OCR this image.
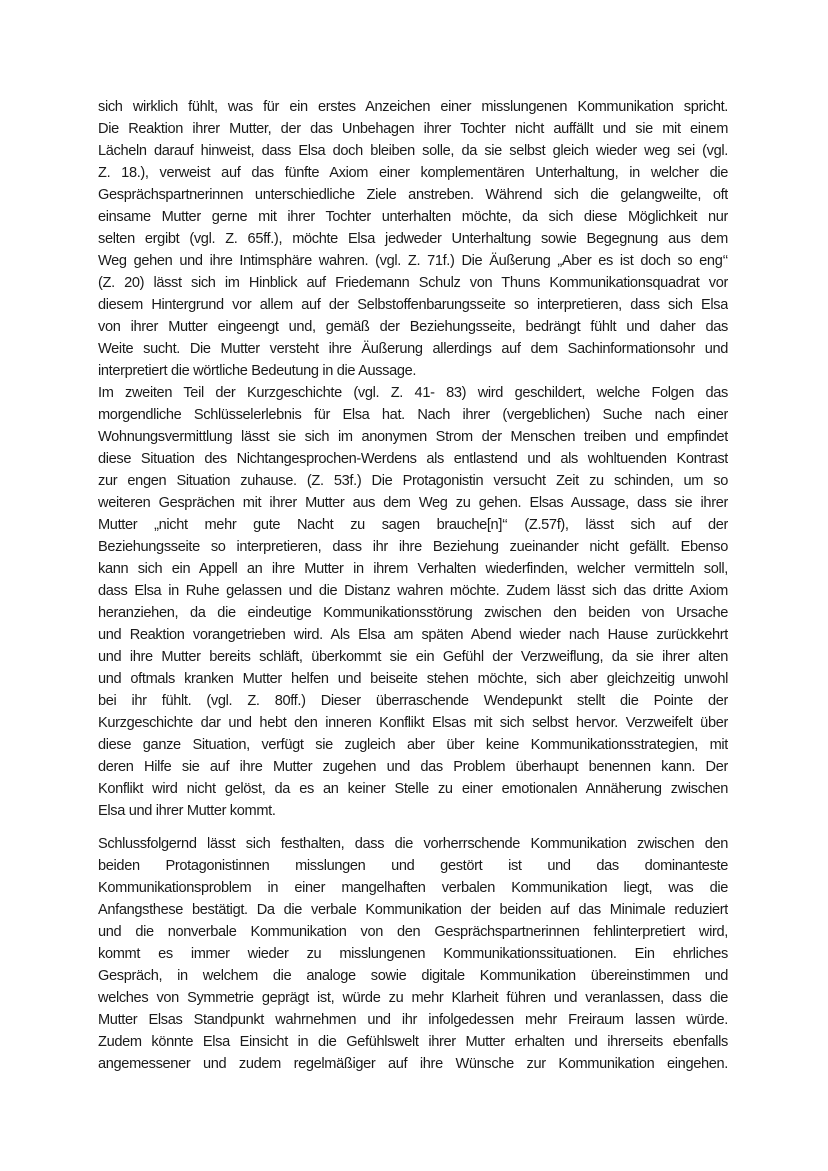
sich wirklich fühlt, was für ein erstes Anzeichen einer misslungenen Kommunikation spricht.
Die Reaktion ihrer Mutter, der das Unbehagen ihrer Tochter nicht auffällt und sie mit einem
Lächeln darauf hinweist, dass Elsa doch bleiben solle, da sie selbst gleich wieder weg sei (vgl.
Z. 18.), verweist auf das fünfte Axiom einer komplementären Unterhaltung, in welcher die
Gesprächspartnerinnen unterschiedliche Ziele anstreben. Während sich die gelangweilte, oft
einsame Mutter gerne mit ihrer Tochter unterhalten möchte, da sich diese Möglichkeit nur
selten ergibt (vgl. Z. 65ff.), möchte Elsa jedweder Unterhaltung sowie Begegnung aus dem
Weg gehen und ihre Intimsphäre wahren. (vgl. Z. 71f.) Die Äußerung „Aber es ist doch so eng‘‘
(Z. 20) lässt sich im Hinblick auf Friedemann Schulz von Thuns Kommunikationsquadrat vor
diesem Hintergrund vor allem auf der Selbstoffenbarungsseite so interpretieren, dass sich Elsa
von ihrer Mutter eingeengt und, gemäß der Beziehungsseite, bedrängt fühlt und daher das
Weite sucht. Die Mutter versteht ihre Äußerung allerdings auf dem Sachinformationsohr und
interpretiert die wörtliche Bedeutung in die Aussage.
Im zweiten Teil der Kurzgeschichte (vgl. Z. 41- 83) wird geschildert, welche Folgen das
morgendliche Schlüsselerlebnis für Elsa hat. Nach ihrer (vergeblichen) Suche nach einer
Wohnungsvermittlung lässt sie sich im anonymen Strom der Menschen treiben und empfindet
diese Situation des Nichtangesprochen-Werdens als entlastend und als wohltuenden Kontrast
zur engen Situation zuhause. (Z. 53f.) Die Protagonistin versucht Zeit zu schinden, um so
weiteren Gesprächen mit ihrer Mutter aus dem Weg zu gehen. Elsas Aussage, dass sie ihrer
Mutter „nicht mehr gute Nacht zu sagen brauche[n]‘‘ (Z.57f), lässt sich auf der
Beziehungsseite so interpretieren, dass ihr ihre Beziehung zueinander nicht gefällt. Ebenso
kann sich ein Appell an ihre Mutter in ihrem Verhalten wiederfinden, welcher vermitteln soll,
dass Elsa in Ruhe gelassen und die Distanz wahren möchte. Zudem lässt sich das dritte Axiom
heranziehen, da die eindeutige Kommunikationsstörung zwischen den beiden von Ursache
und Reaktion vorangetrieben wird. Als Elsa am späten Abend wieder nach Hause zurückkehrt
und ihre Mutter bereits schläft, überkommt sie ein Gefühl der Verzweiflung, da sie ihrer alten
und oftmals kranken Mutter helfen und beiseite stehen möchte, sich aber gleichzeitig unwohl
bei ihr fühlt. (vgl. Z. 80ff.) Dieser überraschende Wendepunkt stellt die Pointe der
Kurzgeschichte dar und hebt den inneren Konflikt Elsas mit sich selbst hervor. Verzweifelt über
diese ganze Situation, verfügt sie zugleich aber über keine Kommunikationsstrategien, mit
deren Hilfe sie auf ihre Mutter zugehen und das Problem überhaupt benennen kann. Der
Konflikt wird nicht gelöst, da es an keiner Stelle zu einer emotionalen Annäherung zwischen
Elsa und ihrer Mutter kommt.
Schlussfolgernd lässt sich festhalten, dass die vorherrschende Kommunikation zwischen den
beiden Protagonistinnen misslungen und gestört ist und das dominanteste
Kommunikationsproblem in einer mangelhaften verbalen Kommunikation liegt, was die
Anfangsthese bestätigt. Da die verbale Kommunikation der beiden auf das Minimale reduziert
und die nonverbale Kommunikation von den Gesprächspartnerinnen fehlinterpretiert wird,
kommt es immer wieder zu misslungenen Kommunikationssituationen. Ein ehrliches
Gespräch, in welchem die analoge sowie digitale Kommunikation übereinstimmen und
welches von Symmetrie geprägt ist, würde zu mehr Klarheit führen und veranlassen, dass die
Mutter Elsas Standpunkt wahrnehmen und ihr infolgedessen mehr Freiraum lassen würde.
Zudem könnte Elsa Einsicht in die Gefühlswelt ihrer Mutter erhalten und ihrerseits ebenfalls
angemessener und zudem regelmäßiger auf ihre Wünsche zur Kommunikation eingehen.
